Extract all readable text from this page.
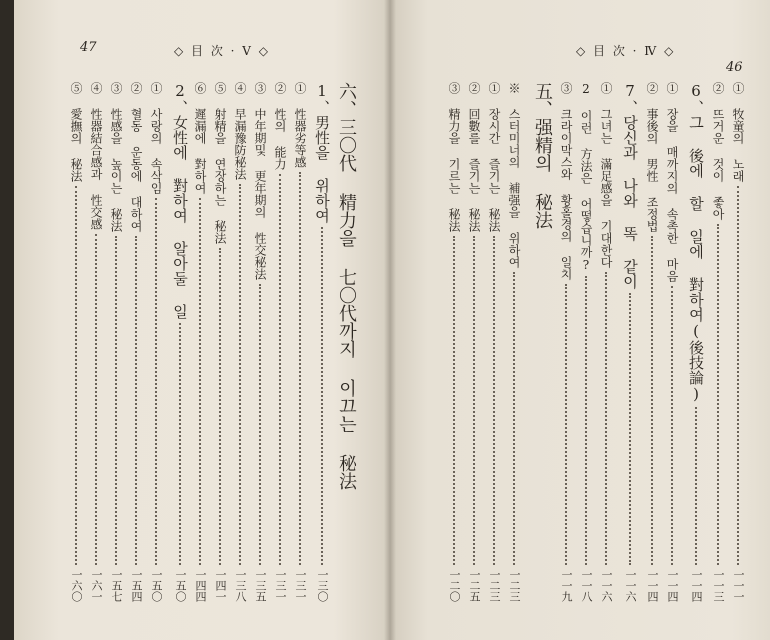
47	◇ 目 次 · Ⅴ ◇
六、三〇代 精力을 七〇代까지 이끄는 秘法
1、男性을 위하여
一三〇
① 性器劣等感
一三一
② 性의 能力
一三一
③ 中年期및 更年期의 性交秘法
一三五
④ 早漏豫防秘法
一三八
⑤ 射精을 연장하는 秘法
一四一
⑥ 遲漏에 對하여
一四四
2、女性에 對하여 알아둘 일
一五〇
① 사랑의 속삭임
一五〇
② 혈동 운동에 대하여
一五四
③ 性感을 높이는 秘法
一五七
④ 性器結合感과 性交感
一六一
⑤ 愛撫의 秘法
一六〇
◇ 目 次 · Ⅳ ◇
46
① 牧童의 노래
一一一
② 뜨거운 것이 좋아
一一三
6、그 後에 할 일에 對하여(後技論)
一一四
① 장을 매까지의 속촉한 마음
一一四
② 事後의 男性 조정법
一一四
7、당신과 나와 똑 같이
一一六
① 그녀는 滿足感을 기대한다
一一六
2 이런 方法은 어떻습니까?
一一八
③ 크라이막스와 황홀경의 일치
一一九
五、强精의 秘法
※ 스터미너의 補强을 위하여
一二三
① 장시간 즐기는 秘法
一二三
② 回數를 즐기는 秘法
一二五
③ 精力을 기르는 秘法
一二〇
